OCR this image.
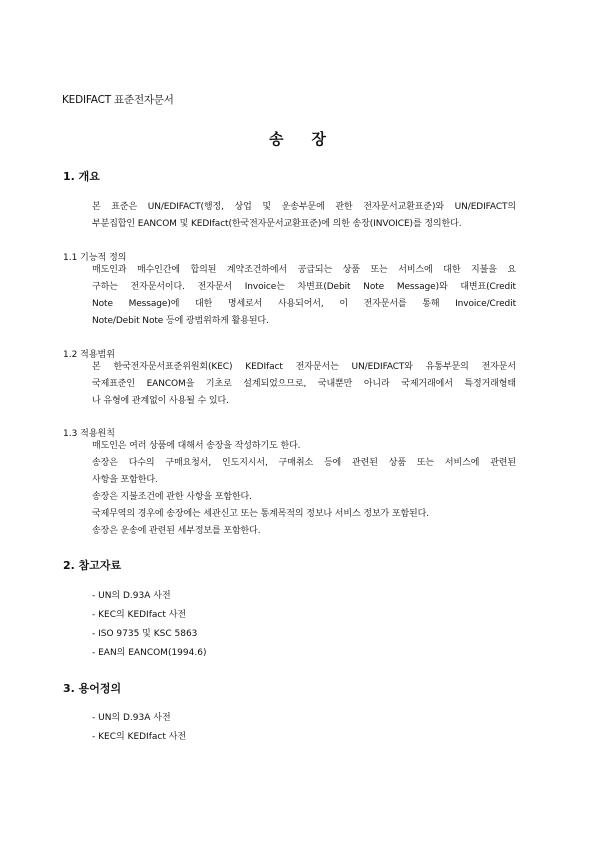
KEDIFACT 표준전자문서
송 장
1. 개요

본 표준은 UN/EDIFACT(행정, 상업 및 운송부문에 관한 전자문서교환표준)와 UN/EDIFACT의

부분집합인 EANCOM 및 KEDIfact(한국전자문서교환표준)에 의한 송장(INVOICE)를 정의한다.

1.1 기능적 정의

매도인과 매수인간에 합의된 계약조건하에서 공급되는 상품 또는 서비스에 대한 지불을 요

구하는 전자문서이다. 전자문서 Invoice는 차변표(Debit Note Message)와 대변표(Credit

Note Message)에 대한 명세로서 사용되어서, 이 전자문서를 통해 Invoice/Credit

Note/Debit Note 등에 광범위하게 활용된다.

1.2 적용범위

본 한국전자문서표준위원회(KEC) KEDIfact 전자문서는 UN/EDIFACT와 유통부문의 전자문서

국제표준인 EANCOM을 기초로 설계되었으므로, 국내뿐만 아니라 국제거래에서 특정거래형태

나 유형에 관계없이 사용될 수 있다.

1.3 적용원칙

매도인은 여러 상품에 대해서 송장을 작성하기도 한다.

송장은 다수의 구매요청서, 인도지시서, 구매취소 등에 관련된 상품 또는 서비스에 관련된

사항을 포함한다.

송장은 지불조건에 관한 사항을 포함한다.

국제무역의 경우에 송장에는 세관신고 또는 통계목적의 정보나 서비스 정보가 포함된다.

송장은 운송에 관련된 세부정보를 포함한다.

2. 참고자료
- UN의 D.93A 사전
- KEC의 KEDIfact 사전
- ISO 9735 및 KSC 5863
- EAN의 EANCOM(1994.6)
3. 용어정의
- UN의 D.93A 사전
- KEC의 KEDIfact 사전
